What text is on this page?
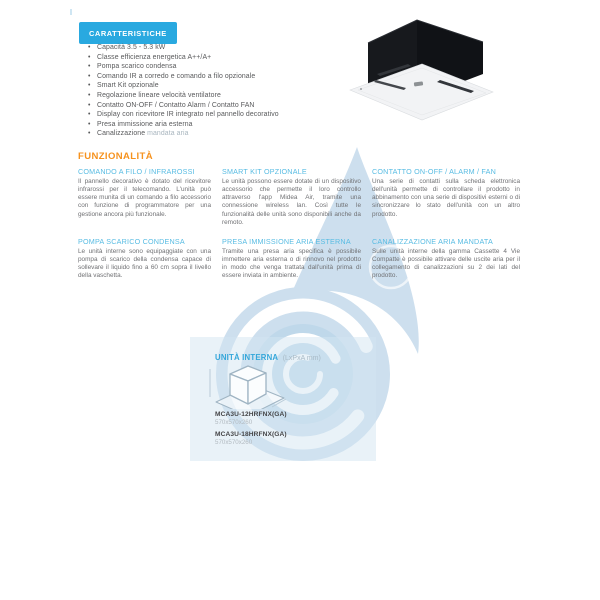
CARATTERISTICHE
• Capacità 3.5 - 5.3 kW
• Classe efficienza energetica A++/A+
• Pompa scarico condensa
• Comando IR a corredo e comando a filo opzionale
• Smart Kit opzionale
• Regolazione lineare velocità ventilatore
• Contatto ON-OFF / Contatto Alarm / Contatto FAN
• Display con ricevitore IR integrato nel pannello decorativo
• Presa immissione aria esterna
• Canalizzazione mandata aria
FUNZIONALITÀ
COMANDO A FILO / INFRAROSSI

Il pannello decorativo è dotato del ricevitore infrarossi per il telecomando. L'unità può essere munita di un comando a filo accessorio con funzione di programmatore per una gestione ancora più funzionale.

SMART KIT OPZIONALE

Le unità possono essere dotate di un dispositivo accessorio che permette il loro controllo attraverso l'app Midea Air, tramite una connessione wireless lan. Così tutte le funzionalità delle unità sono disponibili anche da remoto.

CONTATTO ON-OFF / ALARM / FAN

Una serie di contatti sulla scheda elettronica dell'unità permette di controllare il prodotto in abbinamento con una serie di dispositivi esterni o di sincronizzare lo stato dell'unità con un altro prodotto.

POMPA SCARICO CONDENSA

Le unità interne sono equipaggiate con una pompa di scarico della condensa capace di sollevare il liquido fino a 60 cm sopra il livello della vaschetta.

PRESA IMMISSIONE ARIA ESTERNA

Tramite una presa aria specifica è possibile immettere aria esterna o di rinnovo nel prodotto in modo che venga trattata dall'unità prima di essere inviata in ambiente.

CANALIZZAZIONE ARIA MANDATA

Sulle unità interne della gamma Cassette 4 Vie Compatte è possibile attivare delle uscite aria per il collegamento di canalizzazioni su 2 dei lati del prodotto.

UNITÀ INTERNA (LxPxA mm)
MCA3U-12HRFNX(GA)
570x570x260
MCA3U-18HRFNX(GA)
570x570x260
